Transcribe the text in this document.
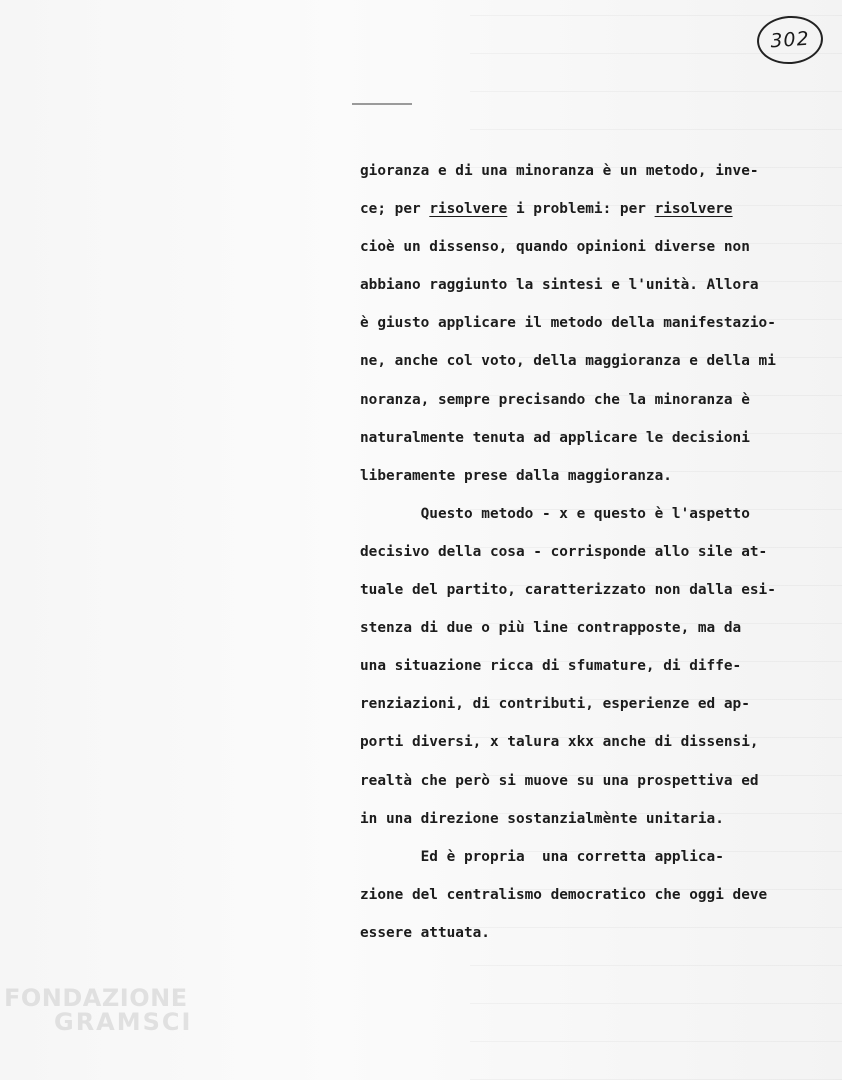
302
gioranza e di una minoranza è un metodo, inve-
ce; per risolvere i problemi: per risolvere
cioè un dissenso, quando opinioni diverse non
abbiano raggiunto la sintesi e l'unità. Allora
è giusto applicare il metodo della manifestazio-
ne, anche col voto, della maggioranza e della mi
noranza, sempre precisando che la minoranza è
naturalmente tenuta ad applicare le decisioni
liberamente prese dalla maggioranza.
Questo metodo - x e questo è l'aspetto
decisivo della cosa - corrisponde allo sile at-
tuale del partito, caratterizzato non dalla esi-
stenza di due o più line contrapposte, ma da
una situazione ricca di sfumature, di diffe-
renziazioni, di contributi, esperienze ed ap-
porti diversi, x talura xkx anche di dissensi,
realtà che però si muove su una prospettiva ed
in una direzione sostanzialmènte unitaria.
Ed è propria  una corretta applica-
zione del centralismo democratico che oggi deve
essere attuata.
FONDAZIONE
GRAMSCI
